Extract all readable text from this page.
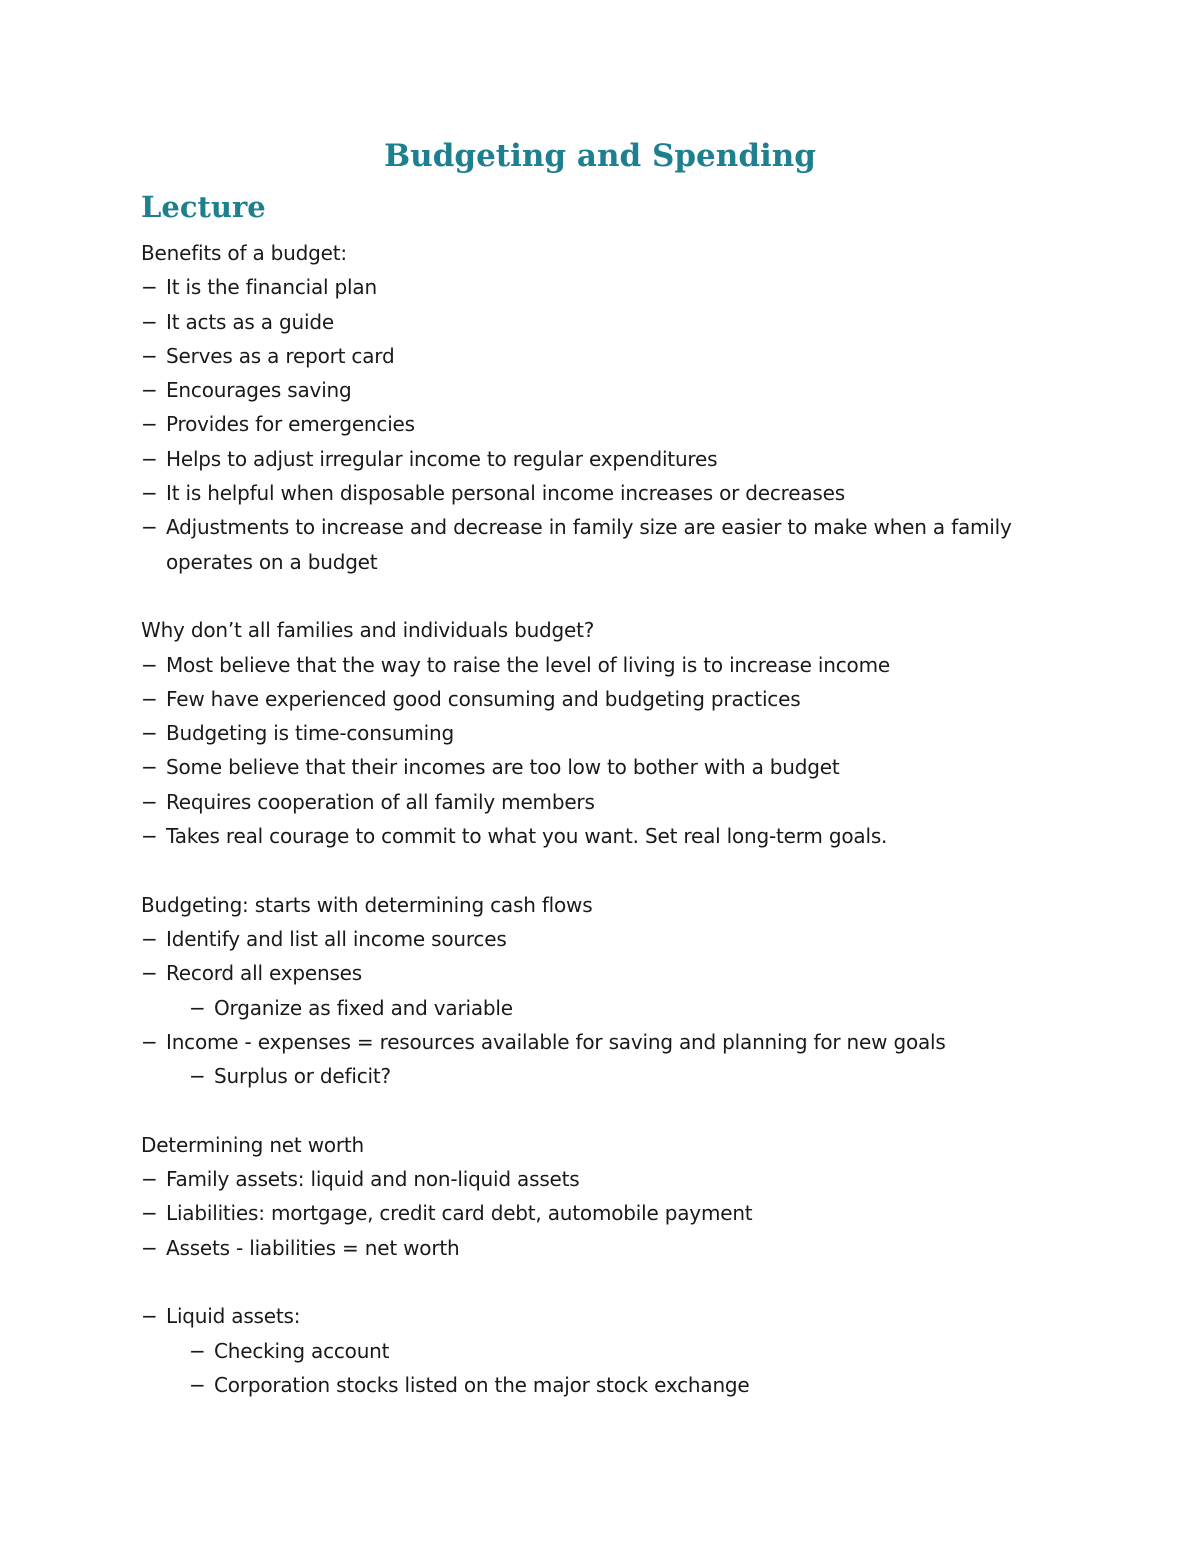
Budgeting and Spending
Lecture
Benefits of a budget:
− It is the financial plan
− It acts as a guide
− Serves as a report card
− Encourages saving
− Provides for emergencies
− Helps to adjust irregular income to regular expenditures
− It is helpful when disposable personal income increases or decreases
− Adjustments to increase and decrease in family size are easier to make when a family operates on a budget
Why don’t all families and individuals budget?
− Most believe that the way to raise the level of living is to increase income
− Few have experienced good consuming and budgeting practices
− Budgeting is time-consuming
− Some believe that their incomes are too low to bother with a budget
− Requires cooperation of all family members
− Takes real courage to commit to what you want. Set real long-term goals.
Budgeting: starts with determining cash flows
− Identify and list all income sources
− Record all expenses
− Organize as fixed and variable
− Income - expenses = resources available for saving and planning for new goals
− Surplus or deficit?
Determining net worth
− Family assets: liquid and non-liquid assets
− Liabilities: mortgage, credit card debt, automobile payment
− Assets - liabilities = net worth
− Liquid assets:
− Checking account
− Corporation stocks listed on the major stock exchange
